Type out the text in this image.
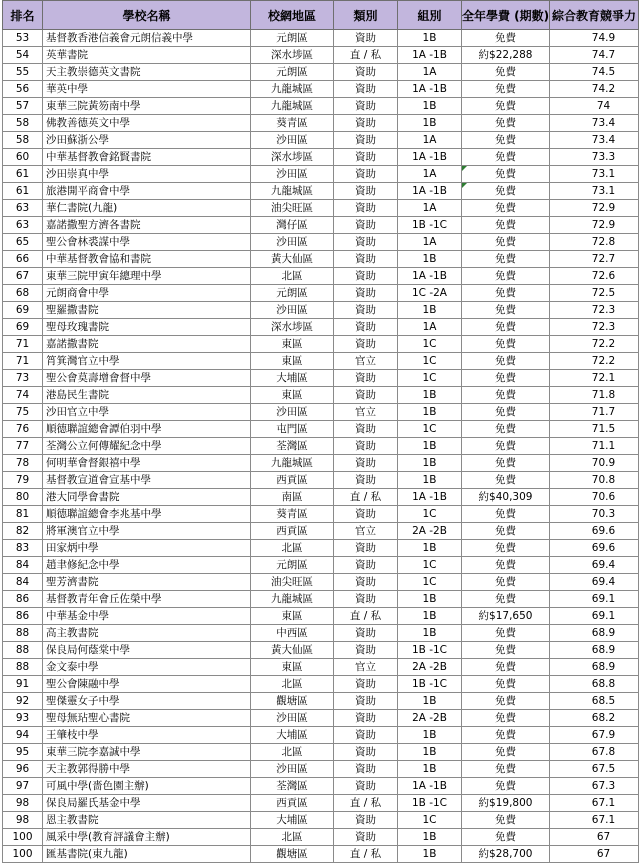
排名	學校名稱	校網地區	類別	組別	全年學費 (期數)	綜合教育競爭力
53	基督教香港信義會元朗信義中學	元朗區	資助	1B	免費	74.9
54	英華書院	深水埗區	直 / 私	1A -1B	約$22,288	74.7
55	天主教崇德英文書院	元朗區	資助	1A	免費	74.5
56	華英中學	九龍城區	資助	1A -1B	免費	74.2
57	東華三院黃笏南中學	九龍城區	資助	1B	免費	74
58	佛教善德英文中學	葵青區	資助	1B	免費	73.4
58	沙田蘇浙公學	沙田區	資助	1A	免費	73.4
60	中華基督教會銘賢書院	深水埗區	資助	1A -1B	免費	73.3
61	沙田崇真中學	沙田區	資助	1A	免費	73.1
61	旅港開平商會中學	九龍城區	資助	1A -1B	免費	73.1
63	華仁書院(九龍)	油尖旺區	資助	1A	免費	72.9
63	嘉諾撒聖方濟各書院	灣仔區	資助	1B -1C	免費	72.9
65	聖公會林裘謀中學	沙田區	資助	1A	免費	72.8
66	中華基督教會協和書院	黃大仙區	資助	1B	免費	72.7
67	東華三院甲寅年總理中學	北區	資助	1A -1B	免費	72.6
68	元朗商會中學	元朗區	資助	1C -2A	免費	72.5
69	聖羅撒書院	沙田區	資助	1B	免費	72.3
69	聖母玫瑰書院	深水埗區	資助	1A	免費	72.3
71	嘉諾撒書院	東區	資助	1C	免費	72.2
71	筲箕灣官立中學	東區	官立	1C	免費	72.2
73	聖公會莫壽增會督中學	大埔區	資助	1C	免費	72.1
74	港島民生書院	東區	資助	1B	免費	71.8
75	沙田官立中學	沙田區	官立	1B	免費	71.7
76	順德聯誼總會譚伯羽中學	屯門區	資助	1C	免費	71.5
77	荃灣公立何傳耀紀念中學	荃灣區	資助	1B	免費	71.1
78	何明華會督銀禧中學	九龍城區	資助	1B	免費	70.9
79	基督教宣道會宣基中學	西貢區	資助	1B	免費	70.8
80	港大同學會書院	南區	直 / 私	1A -1B	約$40,309	70.6
81	順德聯誼總會李兆基中學	葵青區	資助	1C	免費	70.3
82	將軍澳官立中學	西貢區	官立	2A -2B	免費	69.6
83	田家炳中學	北區	資助	1B	免費	69.6
84	趙聿修紀念中學	元朗區	資助	1C	免費	69.4
84	聖芳濟書院	油尖旺區	資助	1C	免費	69.4
86	基督教青年會丘佐榮中學	九龍城區	資助	1B	免費	69.1
86	中華基金中學	東區	直 / 私	1B	約$17,650	69.1
88	高主教書院	中西區	資助	1B	免費	68.9
88	保良局何蔭棠中學	黃大仙區	資助	1B -1C	免費	68.9
88	金文泰中學	東區	官立	2A -2B	免費	68.9
91	聖公會陳融中學	北區	資助	1B -1C	免費	68.8
92	聖傑靈女子中學	觀塘區	資助	1B	免費	68.5
93	聖母無玷聖心書院	沙田區	資助	2A -2B	免費	68.2
94	王肇枝中學	大埔區	資助	1B	免費	67.9
95	東華三院李嘉誠中學	北區	資助	1B	免費	67.8
96	天主教郭得勝中學	沙田區	資助	1B	免費	67.5
97	可風中學(嗇色園主辦)	荃灣區	資助	1A -1B	免費	67.3
98	保良局羅氏基金中學	西貢區	直 / 私	1B -1C	約$19,800	67.1
98	恩主教書院	大埔區	資助	1C	免費	67.1
100	風采中學(教育評議會主辦)	北區	資助	1B	免費	67
100	匯基書院(東九龍)	觀塘區	直 / 私	1B	約$28,700	67
